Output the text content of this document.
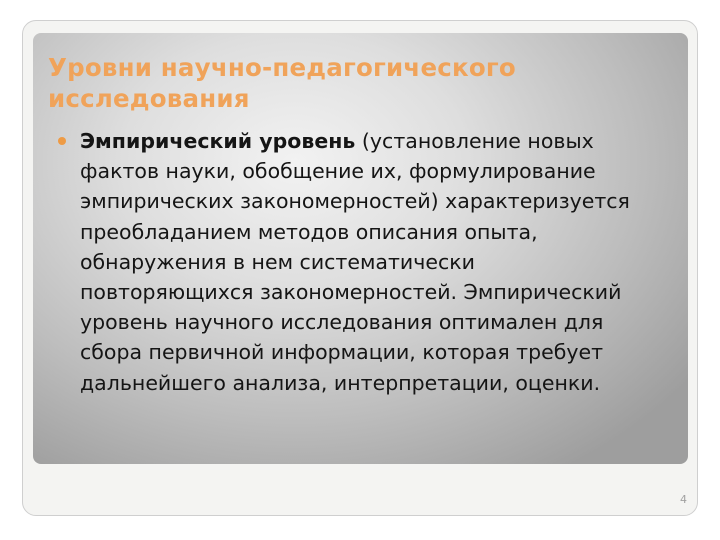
Уровни научно-педагогического исследования
Эмпирический уровень (установление новых фактов науки, обобщение их, формулирование эмпирических закономерностей) характеризуется преобладанием методов описания опыта, обнаружения в нем систематически повторяющихся закономерностей. Эмпирический уровень научного исследования оптимален для сбора первичной информации, которая требует дальнейшего анализа, интерпретации, оценки.
4
